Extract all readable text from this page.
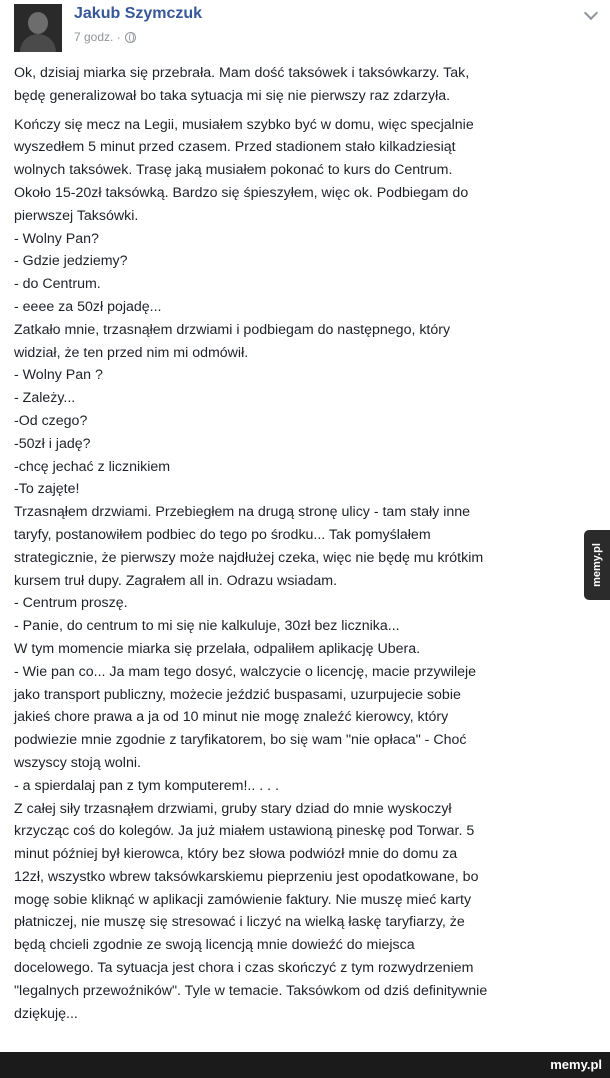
Jakub Szymczuk
7 godz. ·
Ok, dzisiaj miarka się przebrała. Mam dość taksówek i taksówkarzy. Tak,
będę generalizował bo taka sytuacja mi się nie pierwszy raz zdarzyła.
Kończy się mecz na Legii, musiałem szybko być w domu, więc specjalnie
wyszedłem 5 minut przed czasem. Przed stadionem stało kilkadziesiąt
wolnych taksówek. Trasę jaką musiałem pokonać to kurs do Centrum.
Około 15-20zł taksówką. Bardzo się śpieszyłem, więc ok. Podbiegam do
pierwszej Taksówki.
- Wolny Pan?
- Gdzie jedziemy?
- do Centrum.
- eeee za 50zł pojadę...
Zatkało mnie, trzasnąłem drzwiami i podbiegam do następnego, który
widział, że ten przed nim mi odmówił.
- Wolny Pan ?
- Zależy...
-Od czego?
-50zł i jadę?
-chcę jechać z licznikiem
-To zajęte!
Trzasnąłem drzwiami. Przebiegłem na drugą stronę ulicy - tam stały inne
taryfy, postanowiłem podbiec do tego po środku... Tak pomyślałem
strategicznie, że pierwszy może najdłużej czeka, więc nie będę mu krótkim
kursem truł dupy. Zagrałem all in. Odrazu wsiadam.
- Centrum proszę.
- Panie, do centrum to mi się nie kalkuluje, 30zł bez licznika...
W tym momencie miarka się przelała, odpaliłem aplikację Ubera.
- Wie pan co... Ja mam tego dosyć, walczycie o licencję, macie przywileje
jako transport publiczny, możecie jeździć buspasami, uzurpujecie sobie
jakieś chore prawa a ja od 10 minut nie mogę znaleźć kierowcy, który
podwiezie mnie zgodnie z taryfikatorem, bo się wam "nie opłaca" - Choć
wszyscy stoją wolni.
- a spierdalaj pan z tym komputerem!.. . . .
Z całej siły trzasnąłem drzwiami, gruby stary dziad do mnie wyskoczył
krzycząc coś do kolegów. Ja już miałem ustawioną pineskę pod Torwar. 5
minut później był kierowca, który bez słowa podwiózł mnie do domu za
12zł, wszystko wbrew taksówkarskiemu pieprzeniu jest opodatkowane, bo
mogę sobie kliknąć w aplikacji zamówienie faktury. Nie muszę mieć karty
płatniczej, nie muszę się stresować i liczyć na wielką łaskę taryfiarzy, że
będą chcieli zgodnie ze swoją licencją mnie dowieźć do miejsca
docelowego. Ta sytuacja jest chora i czas skończyć z tym rozwydrzeniem
"legalnych przewoźników". Tyle w temacie. Taksówkom od dziś definitywnie
dziękuję...
memy.pl
memy.pl
